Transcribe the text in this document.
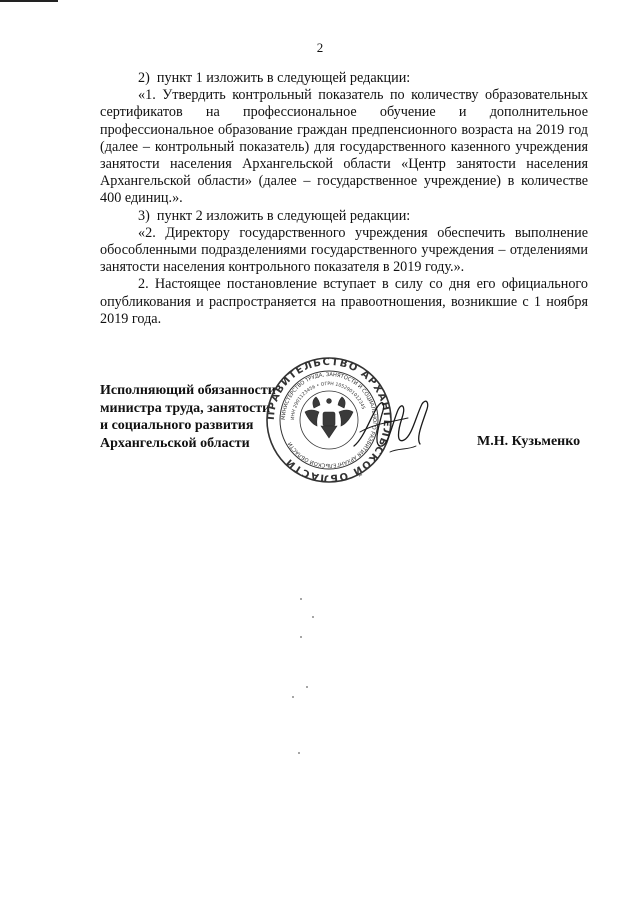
2

2)  пункт 1 изложить в следующей редакции:

«1. Утвердить контрольный показатель по количеству образовательных сертификатов на профессиональное обучение и дополнительное профессиональное образование граждан предпенсионного возраста на 2019 год (далее – контрольный показатель) для государственного казенного учреждения занятости населения Архангельской области «Центр занятости населения Архангельской области» (далее – государственное учреждение) в количестве 400 единиц.».

3)  пункт 2 изложить в следующей редакции:

«2. Директору государственного учреждения обеспечить выполнение обособленными подразделениями государственного учреждения – отделениями занятости населения контрольного показателя в 2019 году.».

2. Настоящее постановление вступает в силу со дня его официального опубликования и распространяется на правоотношения, возникшие с 1 ноября 2019 года.

Исполняющий обязанности
министра труда, занятости
и социального развития
Архангельской области
ПРАВИТЕЛЬСТВО АРХАНГЕЛЬСКОЙ ОБЛАСТИ
МИНИСТЕРСТВО ТРУДА, ЗАНЯТОСТИ И СОЦИАЛЬНОГО РАЗВИТИЯ АРХАНГЕЛЬСКОЙ ОБЛАСТИ
ИНН 2901123456 • ОГРН 1052901012345
М.Н. Кузьменко
